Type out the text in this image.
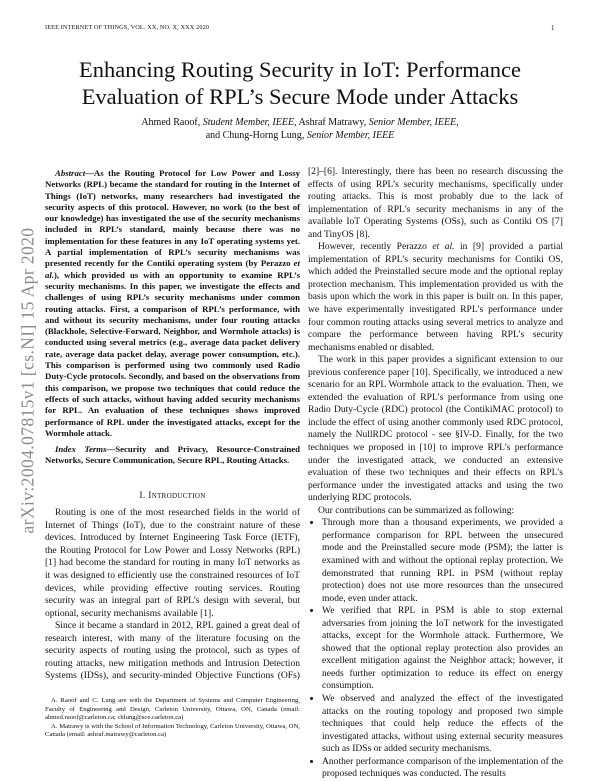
IEEE INTERNET OF THINGS, VOL. XX, NO. X, XXX 2020	1
arXiv:2004.07815v1 [cs.NI] 15 Apr 2020
Enhancing Routing Security in IoT: Performance
Evaluation of RPL’s Secure Mode under Attacks
Ahmed Raoof, Student Member, IEEE, Ashraf Matrawy, Senior Member, IEEE,
and Chung-Horng Lung, Senior Member, IEEE

Abstract—As the Routing Protocol for Low Power and Lossy Networks (RPL) became the standard for routing in the Internet of Things (IoT) networks, many researchers had investigated the security aspects of this protocol. However, no work (to the best of our knowledge) has investigated the use of the security mechanisms included in RPL’s standard, mainly because there was no implementation for these features in any IoT operating systems yet. A partial implementation of RPL’s security mechanisms was presented recently for the Contiki operating system (by Perazzo et al.), which provided us with an opportunity to examine RPL’s security mechanisms. In this paper, we investigate the effects and challenges of using RPL’s security mechanisms under common routing attacks. First, a comparison of RPL’s performance, with and without its security mechanisms, under four routing attacks (Blackhole, Selective-Forward, Neighbor, and Wormhole attacks) is conducted using several metrics (e.g., average data packet delivery rate, average data packet delay, average power consumption, etc.). This comparison is performed using two commonly used Radio Duty-Cycle protocols. Secondly, and based on the observations from this comparison, we propose two techniques that could reduce the effects of such attacks, without having added security mechanisms for RPL. An evaluation of these techniques shows improved performance of RPL under the investigated attacks, except for the Wormhole attack.

Index Terms—Security and Privacy, Resource-Constrained Networks, Secure Communication, Secure RPL, Routing Attacks.

I. Introduction

Routing is one of the most researched fields in the world of Internet of Things (IoT), due to the constraint nature of these devices. Introduced by Internet Engineering Task Force (IETF), the Routing Protocol for Low Power and Lossy Networks (RPL) [1] had become the standard for routing in many IoT networks as it was designed to efficiently use the constrained resources of IoT devices, while providing effective routing services. Routing security was an integral part of RPL’s design with several, but optional, security mechanisms available [1].

Since it became a standard in 2012, RPL gained a great deal of research interest, with many of the literature focusing on the security aspects of routing using the protocol, such as types of routing attacks, new mitigation methods and Intrusion Detection Systems (IDSs), and security-minded Objective Functions (OFs)

[2]–[6]. Interestingly, there has been no research discussing the effects of using RPL’s security mechanisms, specifically under routing attacks. This is most probably due to the lack of implementation of RPL’s security mechanisms in any of the available IoT Operating Systems (OSs), such as Contiki OS [7] and TinyOS [8].

However, recently Perazzo et al. in [9] provided a partial implementation of RPL’s security mechanisms for Contiki OS, which added the Preinstalled secure mode and the optional replay protection mechanism. This implementation provided us with the basis upon which the work in this paper is built on. In this paper, we have experimentally investigated RPL’s performance under four common routing attacks using several metrics to analyze and compare the performance between having RPL’s security mechanisms enabled or disabled.

The work in this paper provides a significant extension to our previous conference paper [10]. Specifically, we introduced a new scenario for an RPL Wormhole attack to the evaluation. Then, we extended the evaluation of RPL’s performance from using one Radio Duty-Cycle (RDC) protocol (the ContikiMAC protocol) to include the effect of using another commonly used RDC protocol, namely the NullRDC protocol - see §IV-D. Finally, for the two techniques we proposed in [10] to improve RPL’s performance under the investigated attack, we conducted an extensive evaluation of these two techniques and their effects on RPL’s performance under the investigated attacks and using the two underlying RDC protocols.

Our contributions can be summarized as following:

• Through more than a thousand experiments, we provided a performance comparison for RPL between the unsecured mode and the Preinstalled secure mode (PSM); the latter is examined with and without the optional replay protection. We demonstrated that running RPL in PSM (without replay protection) does not use more resources than the unsecured mode, even under attack.
• We verified that RPL in PSM is able to stop external adversaries from joining the IoT network for the investigated attacks, except for the Wormhole attack. Furthermore, We showed that the optional replay protection also provides an excellent mitigation against the Neighbor attack; however, it needs further optimization to reduce its effect on energy consumption.
• We observed and analyzed the effect of the investigated attacks on the routing topology and proposed two simple techniques that could help reduce the effects of the investigated attacks, without using external security measures such as IDSs or added security mechanisms.
• Another performance comparison of the implementation of the proposed techniques was conducted. The results

A. Raoof and C. Lung are with the Department of Systems and Computer Engineering, Faculty of Engineering and Design, Carleton University, Ottawa, ON, Canada (email: ahmed.raoof@carleton.ca; chlung@sce.carleton.ca)

A. Matrawy is with the School of Information Technology, Carleton University, Ottawa, ON, Canada (email: ashraf.matrawy@carleton.ca)
